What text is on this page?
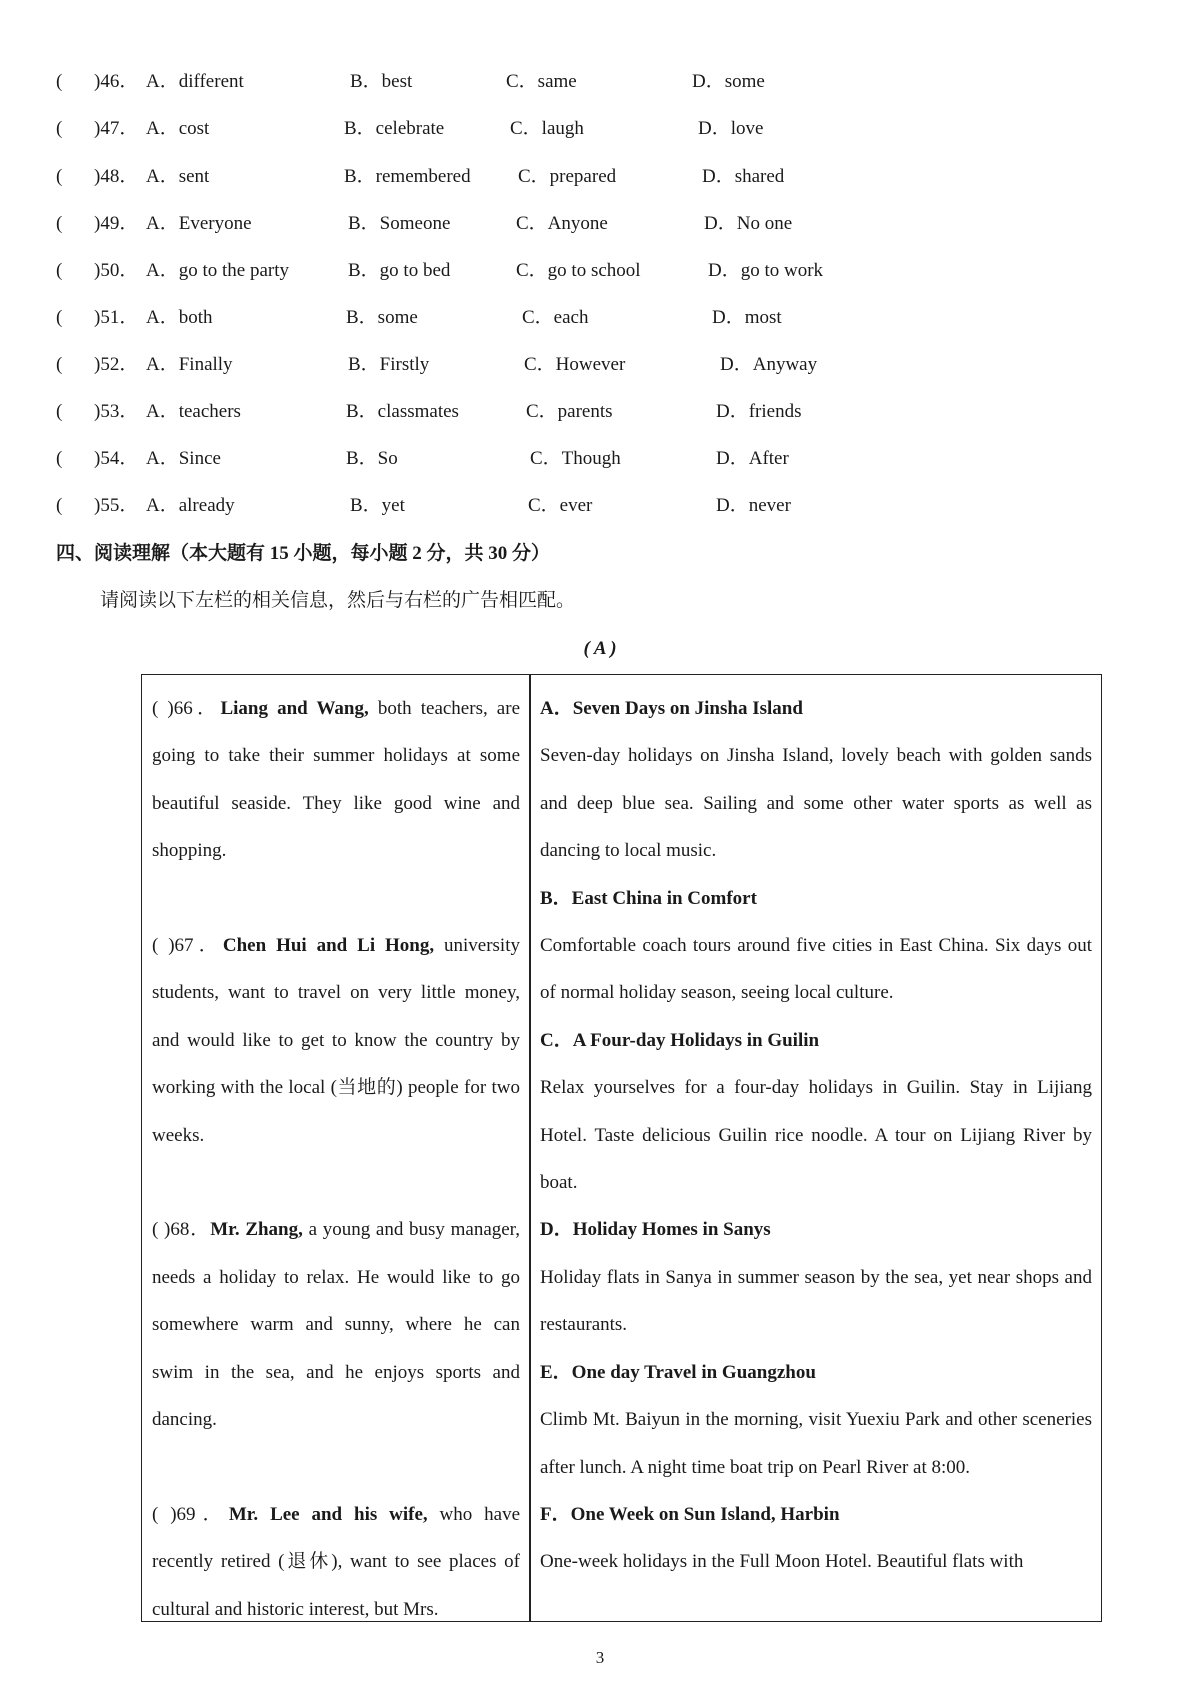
( )46． A．different	B．best	C．same	D．some
( )47． A．cost	B．celebrate	C．laugh	D．love
( )48． A．sent	B．remembered C．prepared	D．shared
( )49． A．Everyone	B．Someone	C．Anyone	D．No one
( )50． A．go to the party	B．go to bed	C．go to school	D．go to work
( )51． A．both	B．some	C．each	D．most
( )52． A．Finally	B．Firstly	C．However	D．Anyway
( )53． A．teachers	B．classmates	C．parents	D．friends
( )54． A．Since	B．So	C．Though	D．After
( )55． A．already	B．yet	C．ever	D．never
四、阅读理解（本大题有 15 小题，每小题 2 分，共 30 分）
请阅读以下左栏的相关信息，然后与右栏的广告相匹配。
( A )

( )66．Liang and Wang, both teachers, are going to take their summer holidays at some beautiful seaside. They like good wine and shopping.

( )67．Chen Hui and Li Hong, university students, want to travel on very little money, and would like to get to know the country by working with the local (当地的) people for two weeks.

( )68．Mr. Zhang, a young and busy manager, needs a holiday to relax. He would like to go somewhere warm and sunny, where he can swim in the sea, and he enjoys sports and dancing.

( )69．Mr. Lee and his wife, who have recently retired (退休), want to see places of cultural and historic interest, but Mrs.

A．Seven Days on Jinsha Island

Seven-day holidays on Jinsha Island, lovely beach with golden sands and deep blue sea. Sailing and some other water sports as well as dancing to local music.

B．East China in Comfort

Comfortable coach tours around five cities in East China. Six days out of normal holiday season, seeing local culture.

C．A Four-day Holidays in Guilin

Relax yourselves for a four-day holidays in Guilin. Stay in Lijiang Hotel. Taste delicious Guilin rice noodle. A tour on Lijiang River by boat.

D．Holiday Homes in Sanys

Holiday flats in Sanya in summer season by the sea, yet near shops and restaurants.

E．One day Travel in Guangzhou

Climb Mt. Baiyun in the morning, visit Yuexiu Park and other sceneries after lunch. A night time boat trip on Pearl River at 8:00.

F．One Week on Sun Island, Harbin

One-week holidays in the Full Moon Hotel. Beautiful flats with

3
